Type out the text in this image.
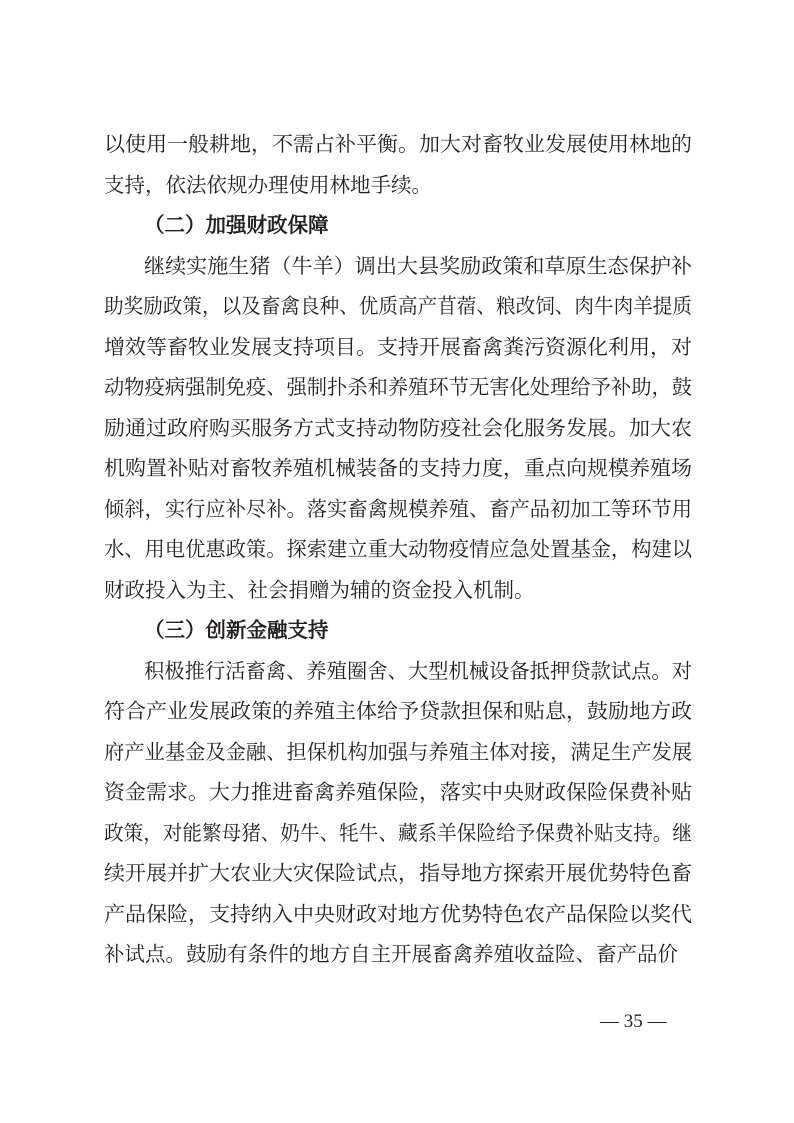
以使用一般耕地，不需占补平衡。加大对畜牧业发展使用林地的
支持，依法依规办理使用林地手续。
（二）加强财政保障
继续实施生猪（牛羊）调出大县奖励政策和草原生态保护补
助奖励政策，以及畜禽良种、优质高产苜蓿、粮改饲、肉牛肉羊提质
增效等畜牧业发展支持项目。支持开展畜禽粪污资源化利用，对
动物疫病强制免疫、强制扑杀和养殖环节无害化处理给予补助，鼓
励通过政府购买服务方式支持动物防疫社会化服务发展。加大农
机购置补贴对畜牧养殖机械装备的支持力度，重点向规模养殖场
倾斜，实行应补尽补。落实畜禽规模养殖、畜产品初加工等环节用
水、用电优惠政策。探索建立重大动物疫情应急处置基金，构建以
财政投入为主、社会捐赠为辅的资金投入机制。
（三）创新金融支持
积极推行活畜禽、养殖圈舍、大型机械设备抵押贷款试点。对
符合产业发展政策的养殖主体给予贷款担保和贴息，鼓励地方政
府产业基金及金融、担保机构加强与养殖主体对接，满足生产发展
资金需求。大力推进畜禽养殖保险，落实中央财政保险保费补贴
政策，对能繁母猪、奶牛、牦牛、藏系羊保险给予保费补贴支持。继
续开展并扩大农业大灾保险试点，指导地方探索开展优势特色畜
产品保险，支持纳入中央财政对地方优势特色农产品保险以奖代
补试点。鼓励有条件的地方自主开展畜禽养殖收益险、畜产品价
— 35 —
